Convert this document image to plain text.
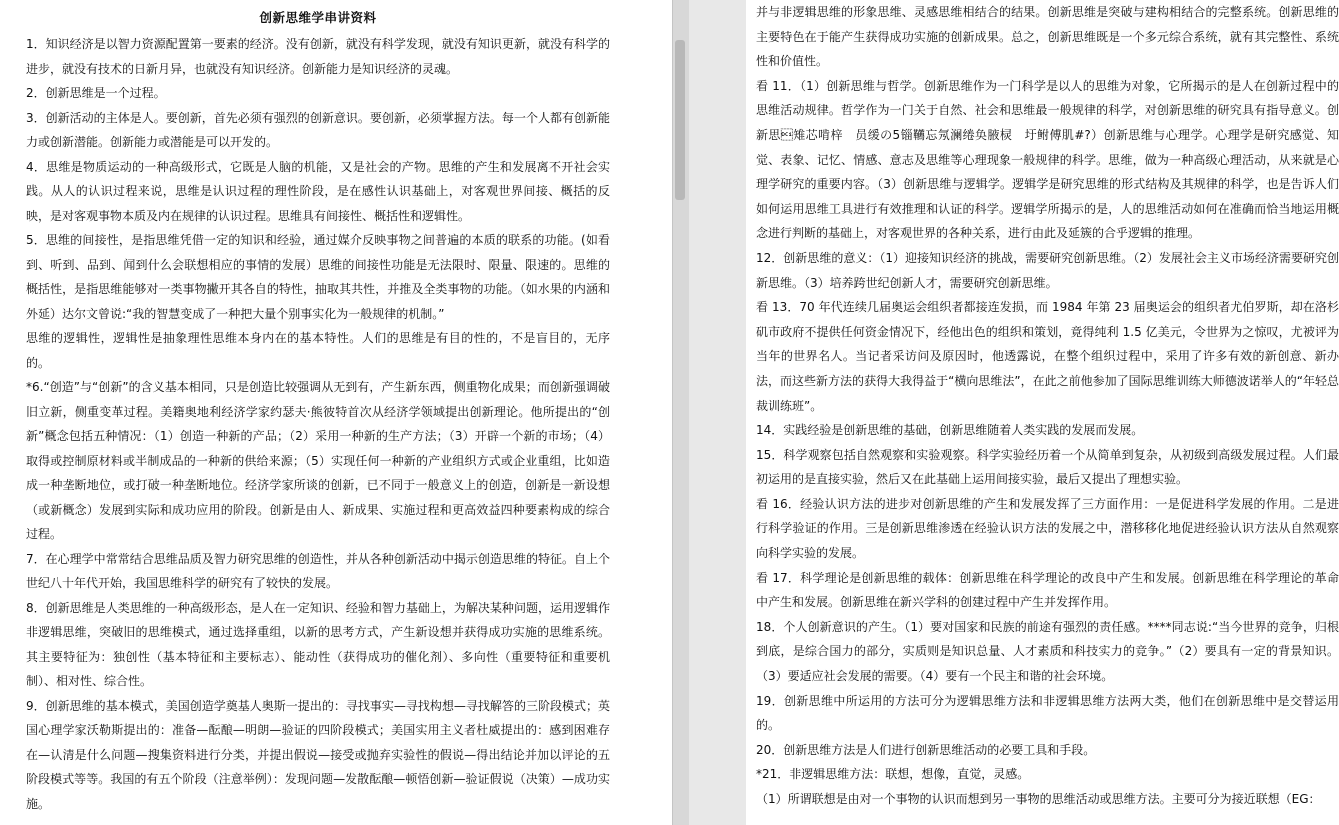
创新思维学串讲资料

1．知识经济是以智力资源配置第一要素的经济。没有创新，就没有科学发现，就没有知识更新，就没有科学的进步，就没有技术的日新月异，也就没有知识经济。创新能力是知识经济的灵魂。

2．创新思维是一个过程。

3．创新活动的主体是人。要创新，首先必须有强烈的创新意识。要创新，必须掌握方法。每一个人都有创新能力或创新潜能。创新能力或潜能是可以开发的。

4．思维是物质运动的一种高级形式，它既是人脑的机能，又是社会的产物。思维的产生和发展离不开社会实践。从人的认识过程来说，思维是认识过程的理性阶段，是在感性认识基础上，对客观世界间接、概括的反映，是对客观事物本质及内在规律的认识过程。思维具有间接性、概括性和逻辑性。

5．思维的间接性，是指思维凭借一定的知识和经验，通过媒介反映事物之间普遍的本质的联系的功能。(如看到、听到、品到、闻到什么会联想相应的事情的发展）思维的间接性功能是无法限时、限量、限速的。思维的概括性，是指思维能够对一类事物撇开其各自的特性，抽取其共性，并推及全类事物的功能。（如水果的内涵和外延）达尔文曾说:“我的智慧变成了一种把大量个别事实化为一般规律的机制。”

思维的逻辑性，逻辑性是抽象理性思维本身内在的基本特性。人们的思维是有目的性的，不是盲目的，无序的。

*6.“创造”与“创新”的含义基本相同，只是创造比较强调从无到有，产生新东西，侧重物化成果；而创新强调破旧立新，侧重变革过程。美籍奥地利经济学家约瑟夫·熊彼特首次从经济学领域提出创新理论。他所提出的“创新”概念包括五种情况：（1）创造一种新的产品；（2）采用一种新的生产方法；（3）开辟一个新的市场；（4）取得或控制原材料或半制成品的一种新的供给来源；（5）实现任何一种新的产业组织方式或企业重组，比如造成一种垄断地位，或打破一种垄断地位。经济学家所谈的创新，已不同于一般意义上的创造，创新是一新设想（或新概念）发展到实际和成功应用的阶段。创新是由人、新成果、实施过程和更高效益四种要素构成的综合过程。

7．在心理学中常常结合思维品质及智力研究思维的创造性，并从各种创新活动中揭示创造思维的特征。自上个世纪八十年代开始，我国思维科学的研究有了较快的发展。

8．创新思维是人类思维的一种高级形态，是人在一定知识、经验和智力基础上，为解决某种问题，运用逻辑作非逻辑思维，突破旧的思维模式，通过选择重组，以新的思考方式，产生新设想并获得成功实施的思维系统。其主要特征为：独创性（基本特征和主要标志）、能动性（获得成功的催化剂）、多向性（重要特征和重要机制）、相对性、综合性。

9．创新思维的基本模式，美国创造学奠基人奥斯一提出的：寻找事实—寻找构想—寻找解答的三阶段模式；英国心理学家沃勒斯提出的：准备—酝酿—明朗—验证的四阶段模式；美国实用主义者杜威提出的：感到困难存在—认清是什么问题—搜集资料进行分类，并提出假说—接受或抛弃实验性的假说—得出结论并加以评论的五阶段模式等等。我国的有五个阶段（注意举例）：发现问题—发散酝酿—顿悟创新—验证假说（决策）—成功实施。

并与非逻辑思维的形象思维、灵感思维相结合的结果。创新思维是突破与建构相结合的完整系统。创新思维的主要特色在于能产生获得成功实施的创新成果。总之，创新思维既是一个多元综合系统，就有其完整性、系统性和价值性。

看 11．（1）创新思维与哲学。创新思维作为一门科学是以人的思维为对象，它所揭示的是人在创新过程中的思维活动规律。哲学作为一门关于自然、社会和思维最一般规律的科学，对创新思维的研究具有指导意义。创新思雉芯啃梓　员缓の5锱韉忘氖澜绻奂腋棂　圩鲋傅肌#?）创新思维与心理学。心理学是研究感觉、知觉、表象、记忆、情感、意志及思维等心理现象一般规律的科学。思维，做为一种高级心理活动，从来就是心理学研究的重要内容。（3）创新思维与逻辑学。逻辑学是研究思维的形式结构及其规律的科学，也是告诉人们如何运用思维工具进行有效推理和认证的科学。逻辑学所揭示的是，人的思维活动如何在准确而恰当地运用概念进行判断的基础上，对客观世界的各种关系，进行由此及延簇的合乎逻辑的推理。

12．创新思维的意义：（1）迎接知识经济的挑战，需要研究创新思维。（2）发展社会主义市场经济需要研究创新思维。（3）培养跨世纪创新人才，需要研究创新思维。

看 13．70 年代连续几届奥运会组织者都接连发损，而 1984 年第 23 届奥运会的组织者尤伯罗斯，却在洛杉矶市政府不提供任何资金情况下，经他出色的组织和策划，竟得纯利 1.5 亿美元，令世界为之惊叹，尤被评为当年的世界名人。当记者采访问及原因时，他透露说，在整个组织过程中，采用了许多有效的新创意、新办法，而这些新方法的获得大我得益于“横向思维法”，在此之前他参加了国际思维训练大师德波诺举人的“年轻总裁训练班”。

14．实践经验是创新思维的基础，创新思维随着人类实践的发展而发展。

15．科学观察包括自然观察和实验观察。科学实验经历着一个从简单到复杂，从初级到高级发展过程。人们最初运用的是直接实验，然后又在此基础上运用间接实验，最后又提出了理想实验。

看 16．经验认识方法的进步对创新思维的产生和发展发挥了三方面作用：一是促进科学发展的作用。二是进行科学验证的作用。三是创新思维渗透在经验认识方法的发展之中，潜移移化地促进经验认识方法从自然观察向科学实验的发展。

看 17．科学理论是创新思维的载体：创新思维在科学理论的改良中产生和发展。创新思维在科学理论的革命中产生和发展。创新思维在新兴学科的创建过程中产生并发挥作用。

18．个人创新意识的产生。（1）要对国家和民族的前途有强烈的责任感。****同志说:“当今世界的竞争，归根到底，是综合国力的部分，实质则是知识总量、人才素质和科技实力的竞争。”（2）要具有一定的背景知识。（3）要适应社会发展的需要。（4）要有一个民主和谐的社会环境。

19．创新思维中所运用的方法可分为逻辑思维方法和非逻辑思维方法两大类，他们在创新思维中是交替运用的。

20．创新思维方法是人们进行创新思维活动的必要工具和手段。

*21．非逻辑思维方法：联想，想像，直觉，灵感。

（1）所谓联想是由对一个事物的认识而想到另一事物的思维活动或思维方法。主要可分为接近联想（EG：
